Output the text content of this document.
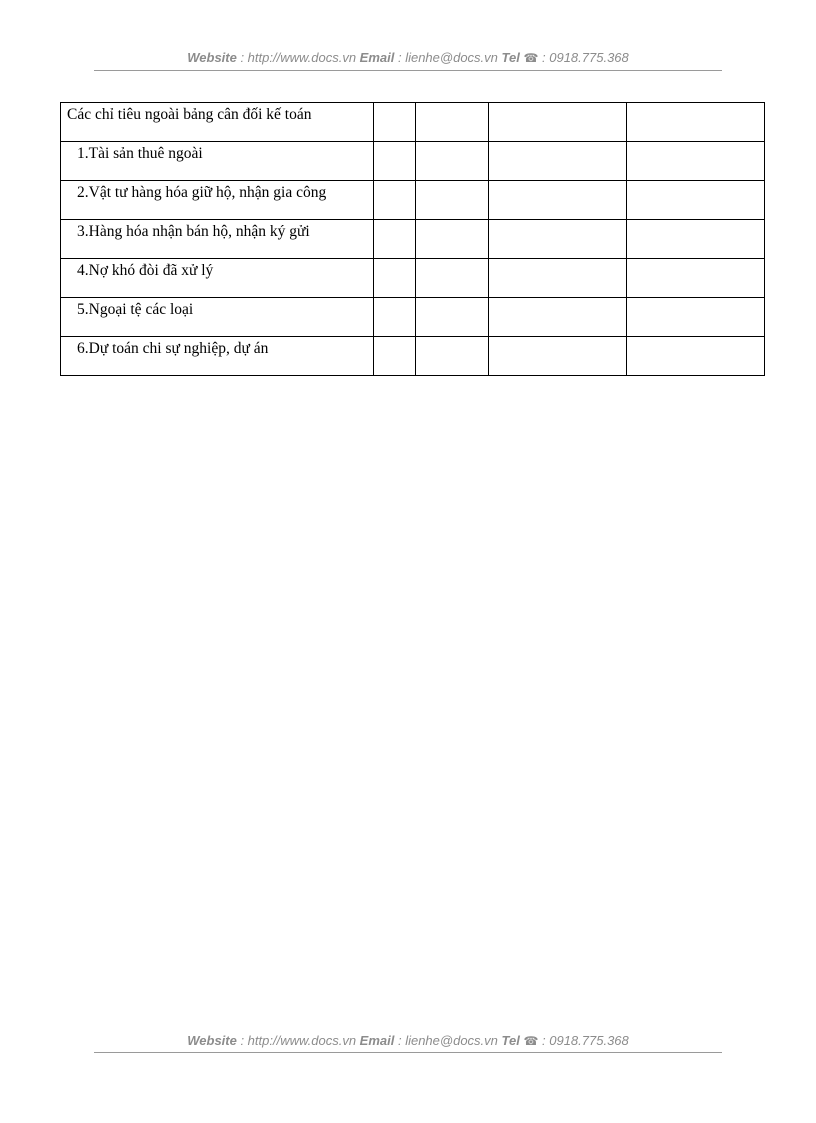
Website : http://www.docs.vn Email : lienhe@docs.vn Tel ☎ : 0918.775.368
Các chỉ tiêu ngoài bảng cân đối kế toán				
1.Tài sản thuê ngoài				
2.Vật tư hàng hóa giữ hộ, nhận gia công				
3.Hàng hóa nhận bán hộ, nhận ký gửi				
4.Nợ khó đòi đã xử lý				
5.Ngoại tệ các loại				
6.Dự toán chi sự nghiệp, dự án				
Website : http://www.docs.vn Email : lienhe@docs.vn Tel ☎ : 0918.775.368
